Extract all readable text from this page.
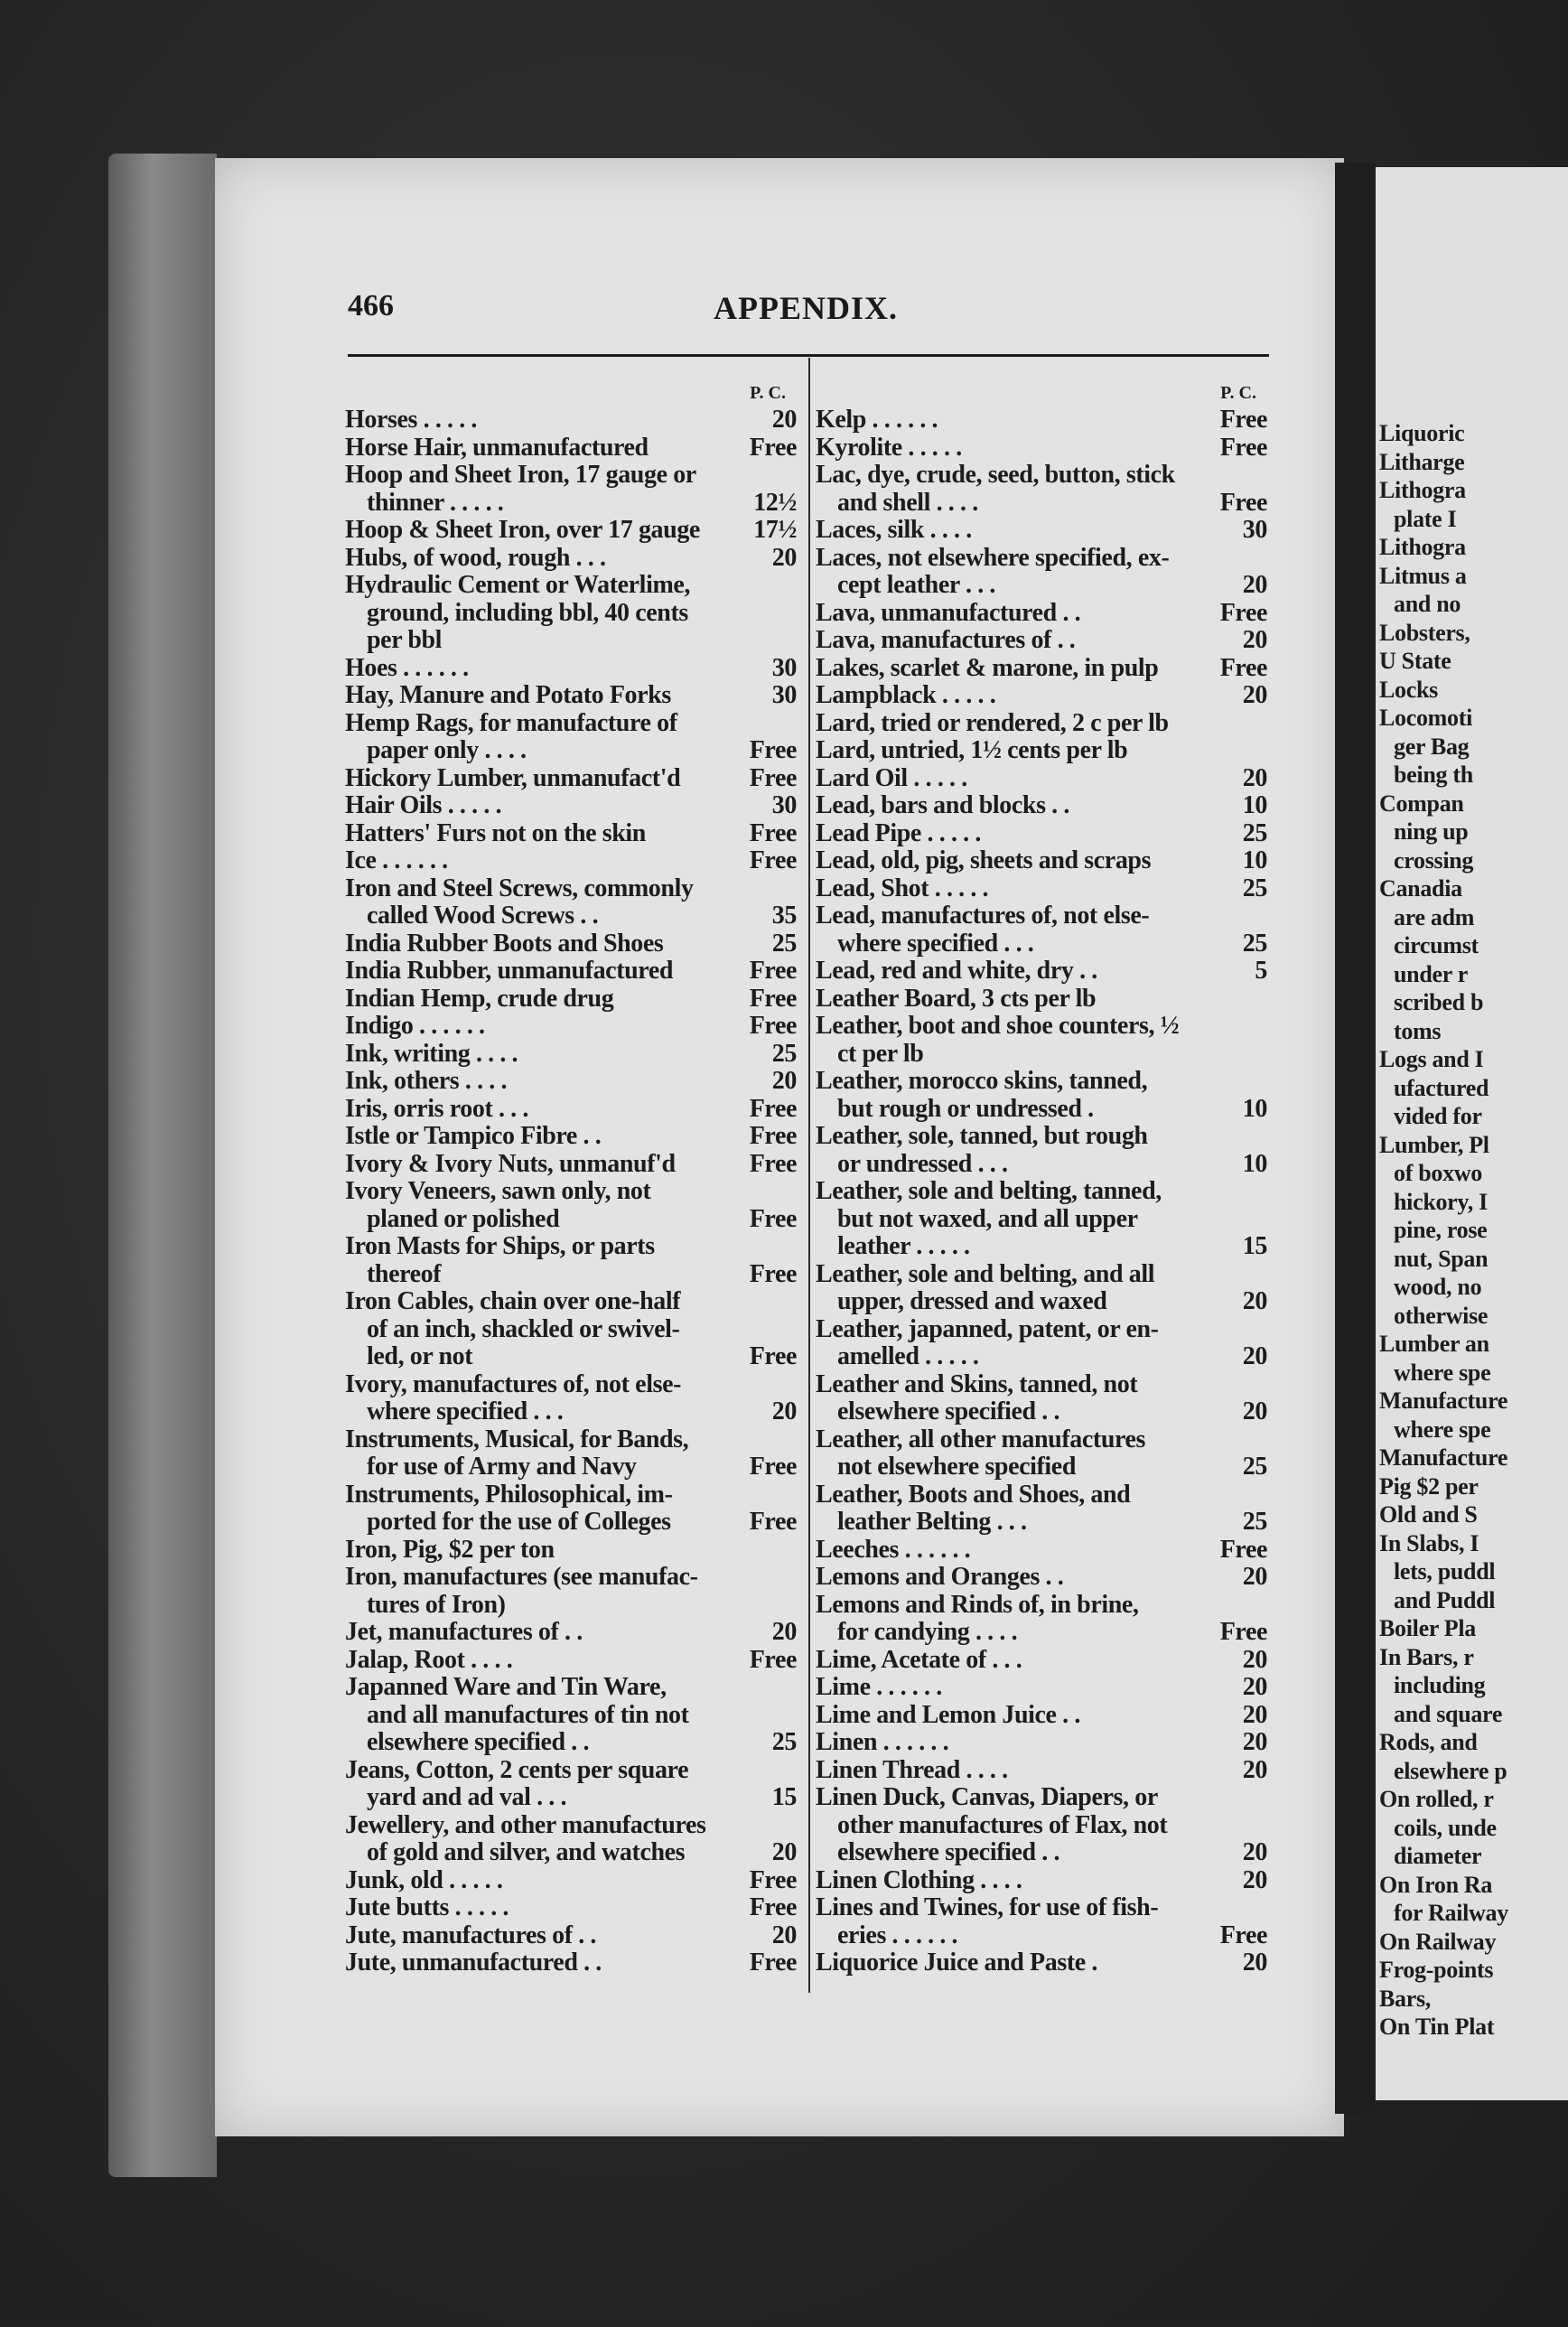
Liquoric
Litharge
Lithogra
plate I
Lithogra
Litmus a
and no
Lobsters,
U State
Locks
Locomoti
ger Bag
being th
Compan
ning up
crossing
Canadia
are adm
circumst
under r
scribed b
toms
Logs and I
ufactured
vided for
Lumber, Pl
of boxwo
hickory, I
pine, rose
nut, Span
wood, no
otherwise
Lumber an
where spe
Manufacture
where spe
Manufacture
Pig $2 per
Old and S
In Slabs, I
lets, puddl
and Puddl
Boiler Pla
In Bars, r
including
and square
Rods, and
elsewhere p
On rolled, r
coils, unde
diameter
On Iron Ra
for Railway
On Railway
Frog-points
Bars,
On Tin Plat
466	APPENDIX.
P. C.
Horses . . . . .	20
Horse Hair, unmanufactured	Free
Hoop and Sheet Iron, 17 gauge or
thinner . . . . .	12½
Hoop & Sheet Iron, over 17 gauge	17½
Hubs, of wood, rough . . .	20
Hydraulic Cement or Waterlime,
ground, including bbl, 40 cents
per bbl
Hoes . . . . . .	30
Hay, Manure and Potato Forks	30
Hemp Rags, for manufacture of
paper only . . . .	Free
Hickory Lumber, unmanufact'd	Free
Hair Oils . . . . .	30
Hatters' Furs not on the skin	Free
Ice . . . . . .	Free
Iron and Steel Screws, commonly
called Wood Screws . .	35
India Rubber Boots and Shoes	25
India Rubber, unmanufactured	Free
Indian Hemp, crude drug	Free
Indigo . . . . . .	Free
Ink, writing . . . .	25
Ink, others . . . .	20
Iris, orris root . . .	Free
Istle or Tampico Fibre . .	Free
Ivory & Ivory Nuts, unmanuf'd	Free
Ivory Veneers, sawn only, not
planed or polished	Free
Iron Masts for Ships, or parts
thereof	Free
Iron Cables, chain over one-half
of an inch, shackled or swivel-
led, or not	Free
Ivory, manufactures of, not else-
where specified . . .	20
Instruments, Musical, for Bands,
for use of Army and Navy	Free
Instruments, Philosophical, im-
ported for the use of Colleges	Free
Iron, Pig, $2 per ton
Iron, manufactures (see manufac-
tures of Iron)
Jet, manufactures of . .	20
Jalap, Root . . . .	Free
Japanned Ware and Tin Ware,
and all manufactures of tin not
elsewhere specified . .	25
Jeans, Cotton, 2 cents per square
yard and ad val . . .	15
Jewellery, and other manufactures
of gold and silver, and watches	20
Junk, old . . . . .	Free
Jute butts . . . . .	Free
Jute, manufactures of . .	20
Jute, unmanufactured . .	Free
P. C.
Kelp . . . . . .	Free
Kyrolite . . . . .	Free
Lac, dye, crude, seed, button, stick
and shell . . . .	Free
Laces, silk . . . .	30
Laces, not elsewhere specified, ex-
cept leather . . .	20
Lava, unmanufactured . .	Free
Lava, manufactures of . .	20
Lakes, scarlet & marone, in pulp	Free
Lampblack . . . . .	20
Lard, tried or rendered, 2 c per lb
Lard, untried, 1½ cents per lb
Lard Oil . . . . .	20
Lead, bars and blocks . .	10
Lead Pipe . . . . .	25
Lead, old, pig, sheets and scraps	10
Lead, Shot . . . . .	25
Lead, manufactures of, not else-
where specified . . .	25
Lead, red and white, dry . .	5
Leather Board, 3 cts per lb
Leather, boot and shoe counters, ½
ct per lb
Leather, morocco skins, tanned,
but rough or undressed .	10
Leather, sole, tanned, but rough
or undressed . . .	10
Leather, sole and belting, tanned,
but not waxed, and all upper
leather . . . . .	15
Leather, sole and belting, and all
upper, dressed and waxed	20
Leather, japanned, patent, or en-
amelled . . . . .	20
Leather and Skins, tanned, not
elsewhere specified . .	20
Leather, all other manufactures
not elsewhere specified	25
Leather, Boots and Shoes, and
leather Belting . . .	25
Leeches . . . . . .	Free
Lemons and Oranges . .	20
Lemons and Rinds of, in brine,
for candying . . . .	Free
Lime, Acetate of . . .	20
Lime . . . . . .	20
Lime and Lemon Juice . .	20
Linen . . . . . .	20
Linen Thread . . . .	20
Linen Duck, Canvas, Diapers, or
other manufactures of Flax, not
elsewhere specified . .	20
Linen Clothing . . . .	20
Lines and Twines, for use of fish-
eries . . . . . .	Free
Liquorice Juice and Paste .	20
